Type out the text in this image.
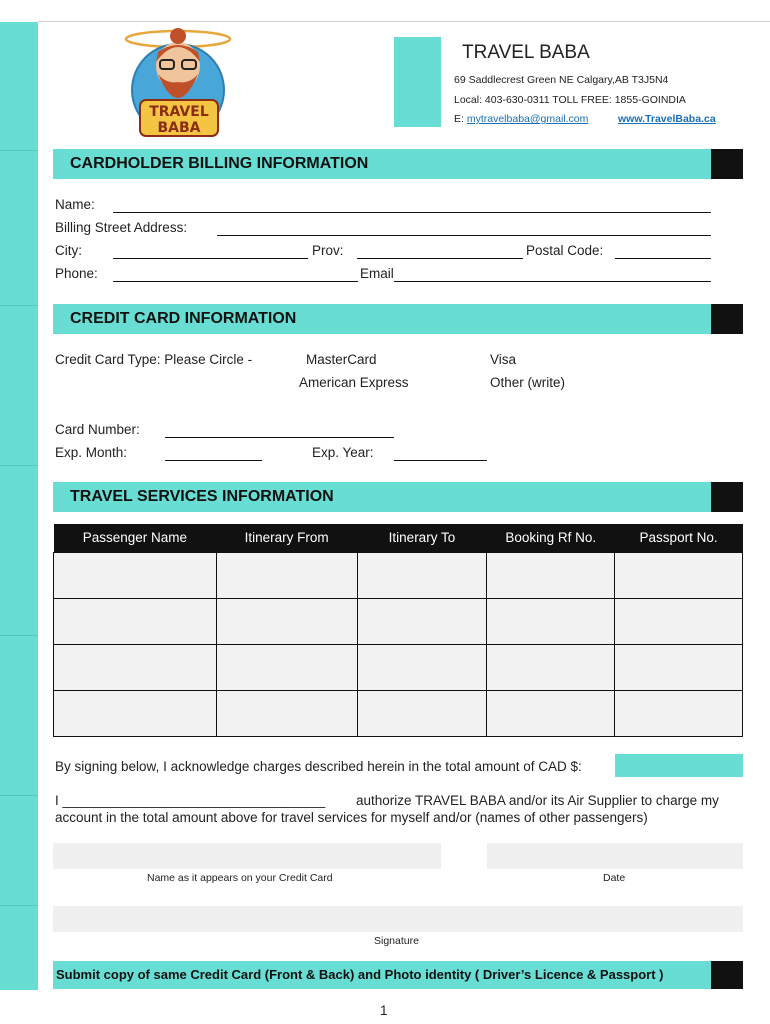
TRAVEL
BABA
TRAVEL BABA
69 Saddlecrest Green NE Calgary,AB T3J5N4
Local: 403-630-0311 TOLL FREE: 1855-GOINDIA
E: mytravelbaba@gmail.com	www.TravelBaba.ca
CARDHOLDER BILLING INFORMATION
Name:
Billing Street Address:
City:	Prov:	Postal Code:
Phone:	Email
CREDIT CARD INFORMATION
Credit Card Type: Please Circle -	MasterCard	Visa
American Express	Other (write)
Card Number:
Exp. Month:	Exp. Year:
TRAVEL SERVICES INFORMATION
Passenger Name	Itinerary From	Itinerary To	Booking Rf No.	Passport No.

By signing below, I acknowledge charges described herein in the total amount of CAD $:
I ___________________________________ authorize TRAVEL BABA and/or its Air Supplier to charge my
account in the total amount above for travel services for myself and/or (names of other passengers)
Name as it appears on your Credit Card	Date
Signature
Submit copy of same Credit Card (Front & Back) and Photo identity ( Driver’s Licence & Passport )
1
